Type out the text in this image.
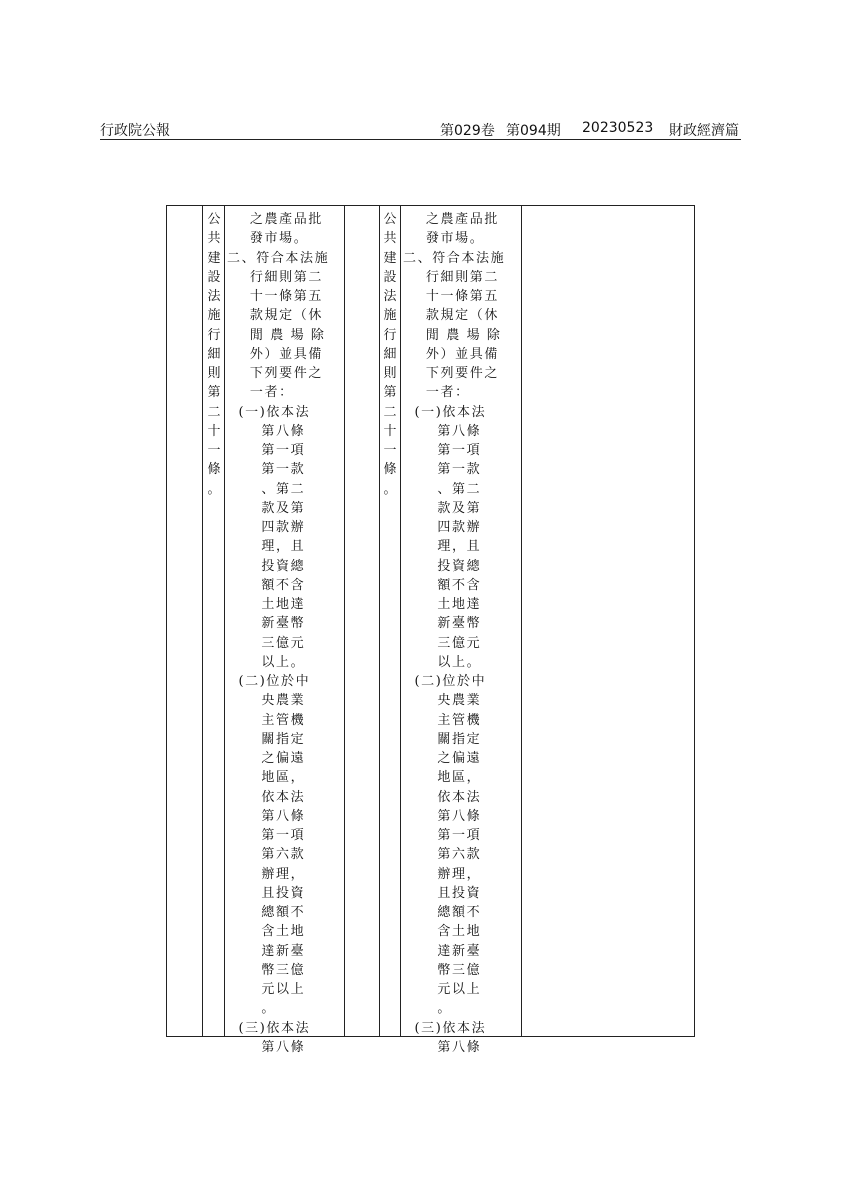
行政院公報	第029卷 第094期 20230523 財政經濟篇
公
共
建
設
法
施
行
細
則
第
二
十
一
條
。
之農產品批
發市場。
二、符合本法施
行細則第二
十一條第五
款規定（休
閒 農 場 除
外）並具備
下列要件之
一者：
(一)依本法
第八條
第一項
第一款
、第二
款及第
四款辦
理，且
投資總
額不含
土地達
新臺幣
三億元
以上。
(二)位於中
央農業
主管機
關指定
之偏遠
地區，
依本法
第八條
第一項
第六款
辦理，
且投資
總額不
含土地
達新臺
幣三億
元以上
。
(三)依本法
第八條
公
共
建
設
法
施
行
細
則
第
二
十
一
條
。
之農產品批
發市場。
二、符合本法施
行細則第二
十一條第五
款規定（休
閒 農 場 除
外）並具備
下列要件之
一者：
(一)依本法
第八條
第一項
第一款
、第二
款及第
四款辦
理，且
投資總
額不含
土地達
新臺幣
三億元
以上。
(二)位於中
央農業
主管機
關指定
之偏遠
地區，
依本法
第八條
第一項
第六款
辦理，
且投資
總額不
含土地
達新臺
幣三億
元以上
。
(三)依本法
第八條
